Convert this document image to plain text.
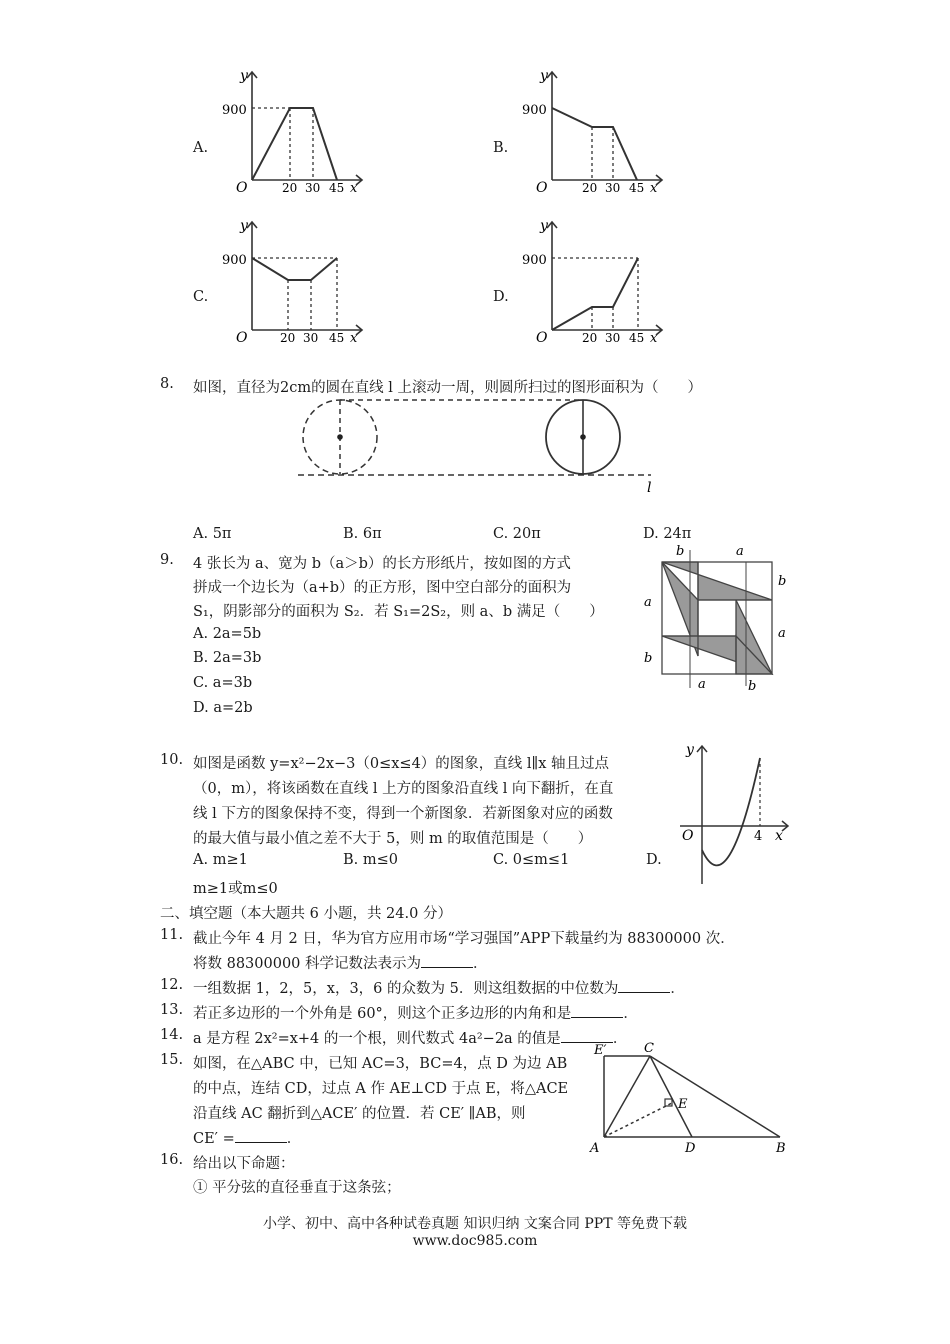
A.	B.
C.	D.
y
900
O	20 30 45 x
y
900
O	20 30 45 x
y
900
O	20 30 45 x
y
900
O	20 30 45 x
8. 如图，直径为2cm的圆在直线 l 上滚动一周，则圆所扫过的图形面积为（　　）
l
A. 5π	B. 6π	C. 20π	D. 24π
9. 4 张长为 a、宽为 b（a＞b）的长方形纸片，按如图的方式
拼成一个边长为（a+b）的正方形，图中空白部分的面积为
S₁，阴影部分的面积为 S₂．若 S₁=2S₂，则 a、b 满足（　　）
A. 2a=5b
B. 2a=3b
C. a=3b
D. a=2b
b	a
b
a
a
b
a	b
10. 如图是函数 y=x²−2x−3（0≤x≤4）的图象，直线 l∥x 轴且过点
（0，m），将该函数在直线 l 上方的图象沿直线 l 向下翻折，在直
线 l 下方的图象保持不变，得到一个新图象．若新图象对应的函数
的最大值与最小值之差不大于 5，则 m 的取值范围是（　　）
A. m≥1	B. m≤0	C. 0≤m≤1	D.
m≥1或m≤0
y
O	4 x
二、填空题（本大题共 6 小题，共 24.0 分）
11. 截止今年 4 月 2 日，华为官方应用市场“学习强国”APP下载量约为 88300000 次．
将数 88300000 科学记数法表示为	．
12. 一组数据 1，2，5，x，3，6 的众数为 5．则这组数据的中位数为	．
13. 若正多边形的一个外角是 60°，则这个正多边形的内角和是	．
14. a 是方程 2x²=x+4 的一个根，则代数式 4a²−2a 的值是	．
15. 如图，在△ABC 中，已知 AC=3，BC=4，点 D 为边 AB
的中点，连结 CD，过点 A 作 AE⊥CD 于点 E，将△ACE
沿直线 AC 翻折到△ACE′ 的位置．若 CE′ ∥AB，则
CE′ =	．
E′	C
E
A	D	B
16. 给出以下命题：
① 平分弦的直径垂直于这条弦；
小学、初中、高中各种试卷真题 知识归纳 文案合同 PPT 等免费下载
www.doc985.com
